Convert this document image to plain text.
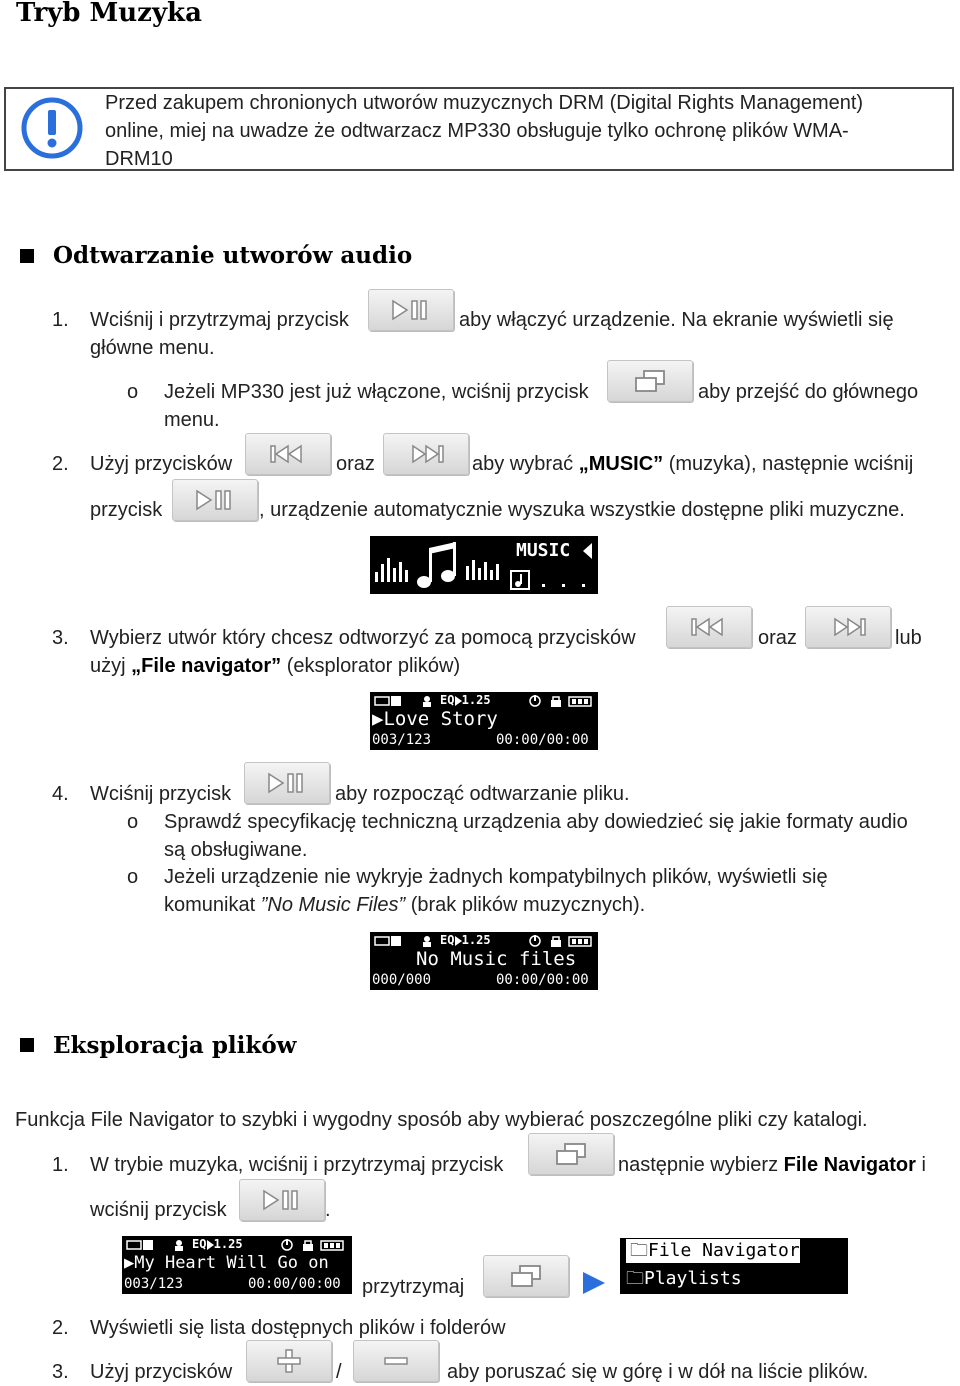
Tryb Muzyka
Przed zakupem chronionych utworów muzycznych DRM (Digital Rights Management)
online, miej na uwadze że odtwarzacz MP330 obsługuje tylko ochronę plików WMA-
DRM10
Odtwarzanie utworów audio
1. Wciśnij i przytrzymaj przycisk	aby włączyć urządzenie. Na ekranie wyświetli się
główne menu.
o Jeżeli MP330 jest już włączone, wciśnij przycisk	aby przejść do głównego
menu.
2. Użyj przycisków	oraz	aby wybrać „MUSIC” (muzyka), następnie wciśnij
przycisk	, urządzenie automatycznie wyszuka wszystkie dostępne pliki muzyczne.
MUSIC
3. Wybierz utwór który chcesz odtworzyć za pomocą przycisków	oraz	lub
użyj „File navigator” (eksplorator plików)
EQ 1.25
▶Love Story
003/123	00:00/00:00
4. Wciśnij przycisk	aby rozpocząć odtwarzanie pliku.
o Sprawdź specyfikację techniczną urządzenia aby dowiedzieć się jakie formaty audio
są obsługiwane.
o Jeżeli urządzenie nie wykryje żadnych kompatybilnych plików, wyświetli się
komunikat ”No Music Files” (brak plików muzycznych).
EQ 1.25
No Music files
000/000	00:00/00:00
Eksploracja plików
Funkcja File Navigator to szybki i wygodny sposób aby wybierać poszczególne pliki czy katalogi.
1. W trybie muzyka, wciśnij i przytrzymaj przycisk	następnie wybierz File Navigator i
wciśnij przycisk	.
EQ 1.25
▶My Heart Will Go on
003/123	00:00/00:00	przytrzymaj
🗀File Navigator
🗀Playlists
2. Wyświetli się lista dostępnych plików i folderów
3. Użyj przycisków	/	aby poruszać się w górę i w dół na liście plików.
